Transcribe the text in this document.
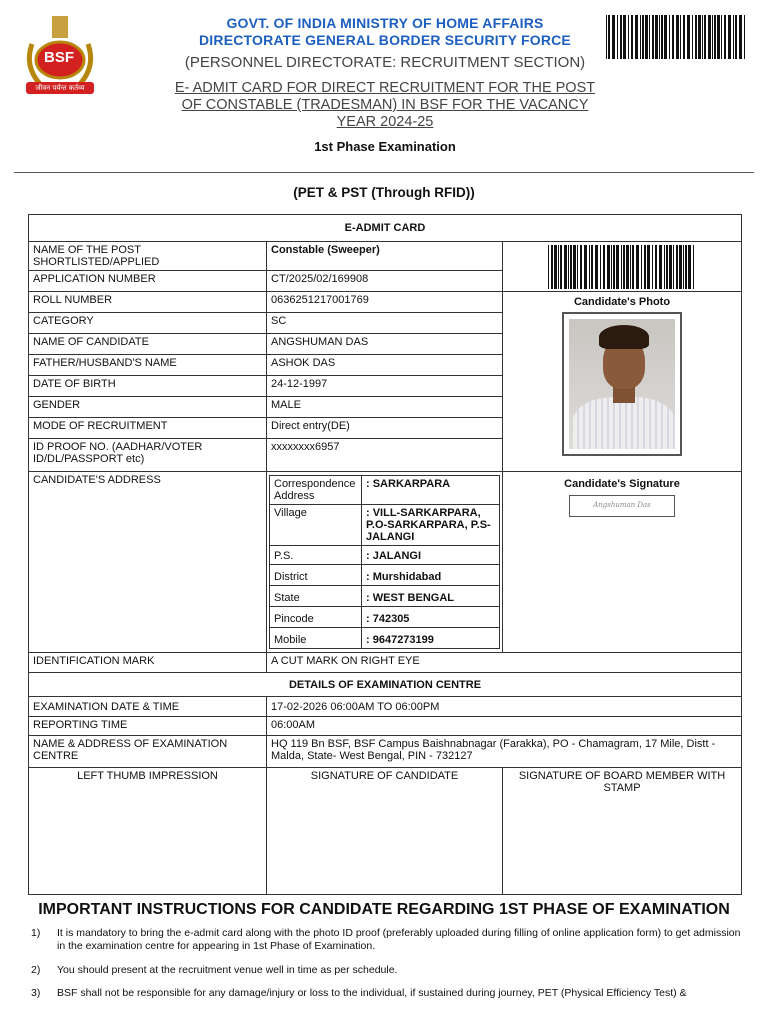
BSF
जीवन पर्यन्त कर्तव्य
GOVT. OF INDIA MINISTRY OF HOME AFFAIRS
DIRECTORATE GENERAL BORDER SECURITY FORCE
(PERSONNEL DIRECTORATE: RECRUITMENT SECTION)
E- ADMIT CARD FOR DIRECT RECRUITMENT FOR THE POST
OF CONSTABLE (TRADESMAN) IN BSF FOR THE VACANCY
YEAR 2024-25
1st Phase Examination
(PET & PST (Through RFID))
E-ADMIT CARD
NAME OF THE POST SHORTLISTED/APPLIED	Constable (Sweeper)	

APPLICATION NUMBER	CT/2025/02/169908
ROLL NUMBER	0636251217001769	Candidate's Photo

CATEGORY	SC
NAME OF CANDIDATE	ANGSHUMAN DAS
FATHER/HUSBAND'S NAME	ASHOK DAS
DATE OF BIRTH	24-12-1997
GENDER	MALE
MODE OF RECRUITMENT	Direct entry(DE)
ID PROOF NO. (AADHAR/VOTER ID/DL/PASSPORT etc)	xxxxxxxx6957
CANDIDATE'S ADDRESS		Correspondence Address	: SARKARPARA
Village	: VILL-SARKARPARA, P.O-SARKARPARA, P.S-JALANGI
P.S.	: JALANGI
District	: Murshidabad
State	: WEST BENGAL
Pincode	: 742305
Mobile	: 9647273199

Candidate's Signature
Angshuman Das

IDENTIFICATION MARK	A CUT MARK ON RIGHT EYE
DETAILS OF EXAMINATION CENTRE
EXAMINATION DATE & TIME	17-02-2026 06:00AM TO 06:00PM
REPORTING TIME	06:00AM
NAME & ADDRESS OF EXAMINATION CENTRE	HQ 119 Bn BSF, BSF Campus Baishnabnagar (Farakka), PO - Chamagram, 17 Mile, Distt - Malda, State- West Bengal, PIN - 732127
LEFT THUMB IMPRESSION	SIGNATURE OF CANDIDATE	SIGNATURE OF BOARD MEMBER WITH STAMP
IMPORTANT INSTRUCTIONS FOR CANDIDATE REGARDING 1ST PHASE OF EXAMINATION
1)	It is mandatory to bring the e-admit card along with the photo ID proof (preferably uploaded during filling of online application form) to get admission in the examination centre for appearing in 1st Phase of Examination.
2)	You should present at the recruitment venue well in time as per schedule.
3)	BSF shall not be responsible for any damage/injury or loss to the individual, if sustained during journey, PET (Physical Efficiency Test) &
